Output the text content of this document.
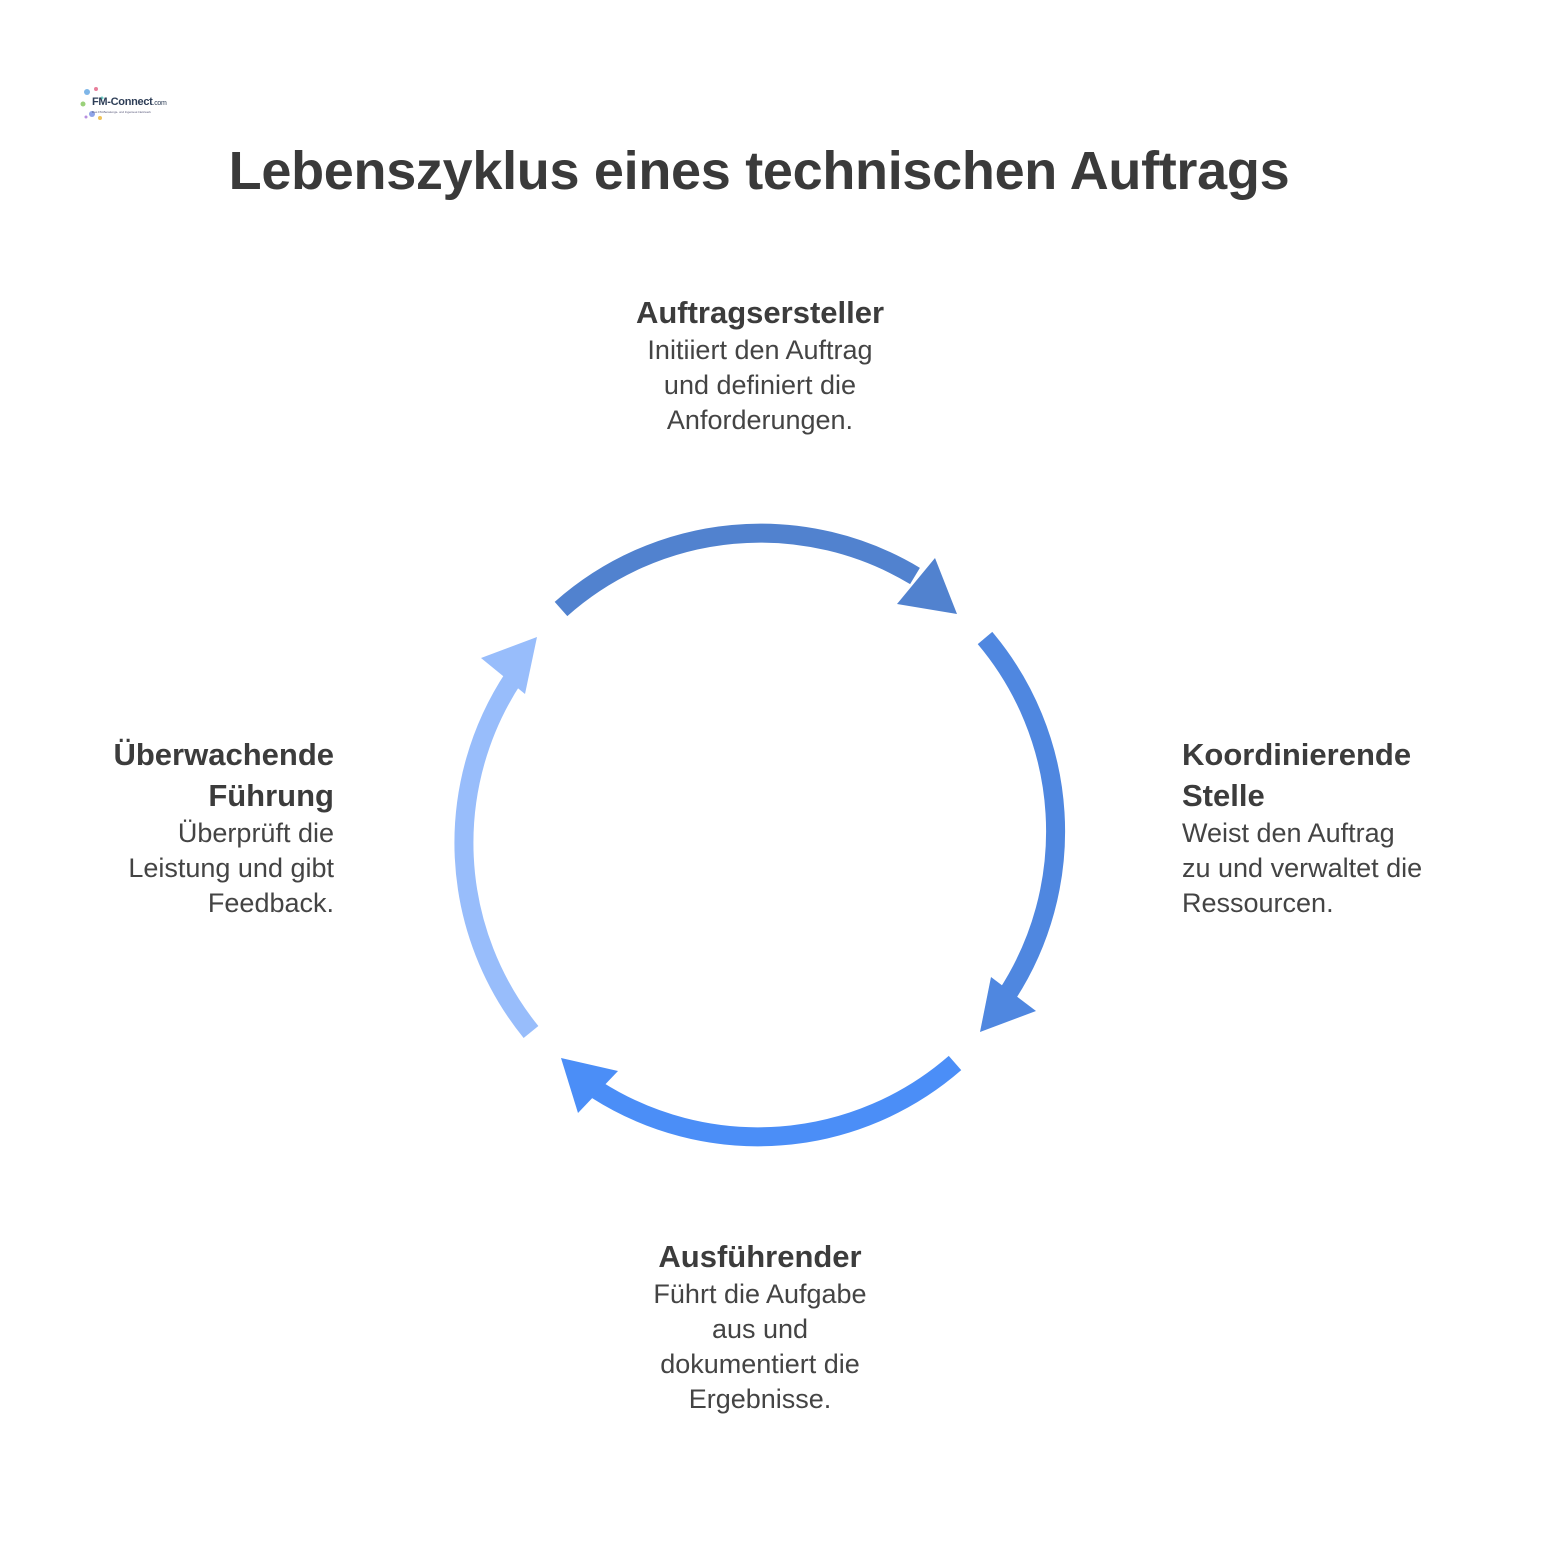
FM-Connect.com
Das FM-Beratungs- und Ingenieur-Netzwerk
Lebenszyklus eines technischen Auftrags
Auftragsersteller

Initiiert den Auftrag
und definiert die
Anforderungen.

Koordinierende
Stelle

Weist den Auftrag
zu und verwaltet die
Ressourcen.

Ausführender

Führt die Aufgabe
aus und
dokumentiert die
Ergebnisse.

Überwachende
Führung

Überprüft die
Leistung und gibt
Feedback.
